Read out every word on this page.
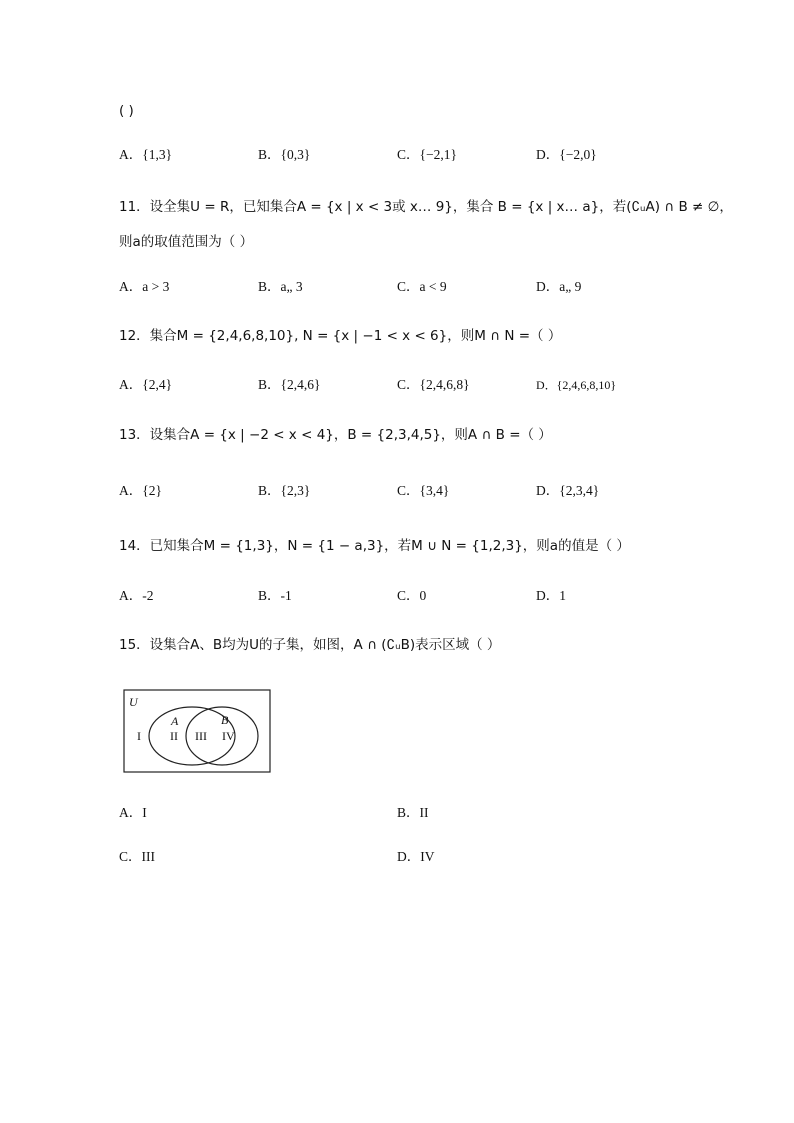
( )
A．{1,3}	B．{0,3}	C．{−2,1}	D．{−2,0}
11．设全集U = R，已知集合A = {x | x < 3或 x… 9}，集合 B = {x | x… a}，若(∁ᵤA) ∩ B ≠ ∅，
则a的取值范围为（ ）
A．a > 3	B．a„ 3	C．a < 9	D．a„ 9
12．集合M = {2,4,6,8,10}, N = {x | −1 < x < 6}，则M ∩ N =（ ）
A．{2,4}	B．{2,4,6}	C．{2,4,6,8}	D．{2,4,6,8,10}
13．设集合A = {x | −2 < x < 4}，B = {2,3,4,5}，则A ∩ B =（ ）
A．{2}	B．{2,3}	C．{3,4}	D．{2,3,4}
14．已知集合M = {1,3}，N = {1 − a,3}，若M ∪ N = {1,2,3}，则a的值是（ ）
A．-2	B．-1	C．0	D．1
15．设集合A、B均为U的子集，如图，A ∩ (∁ᵤB)表示区域（ ）
U
A	B
I II III IV
A．I	B．II
C．III	D．IV
